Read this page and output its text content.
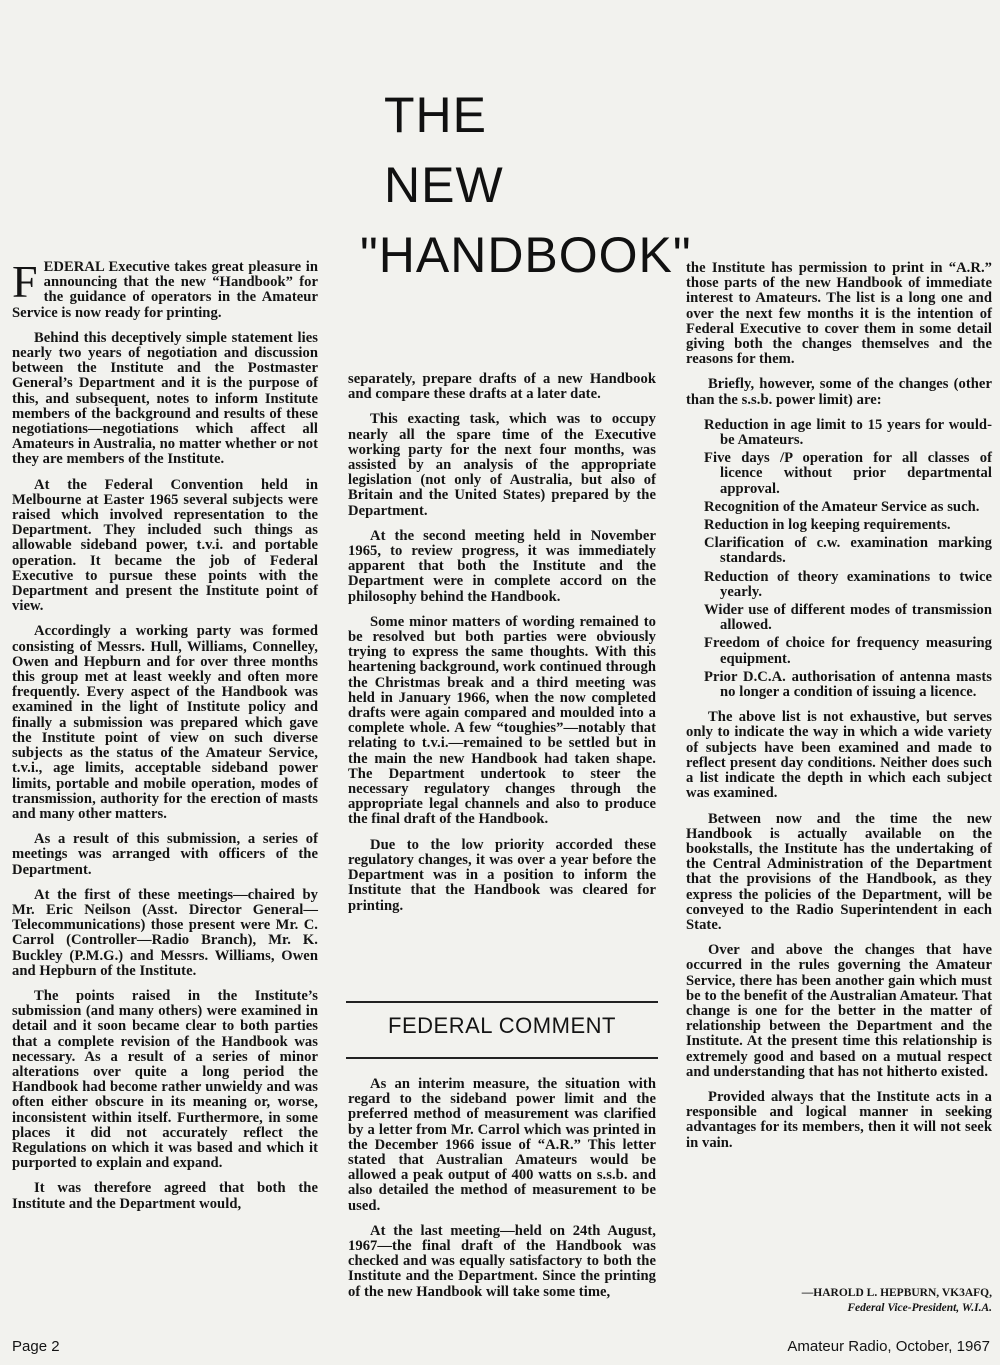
THE
NEW
"HANDBOOK"

FEDERAL Executive takes great pleasure in announcing that the new “Handbook” for the guidance of operators in the Amateur Service is now ready for printing.

Behind this deceptively simple statement lies nearly two years of negotiation and discussion between the Institute and the Postmaster General’s Department and it is the purpose of this, and subsequent, notes to inform Institute members of the background and results of these negotiations—negotiations which affect all Amateurs in Australia, no matter whether or not they are members of the Institute.

At the Federal Convention held in Melbourne at Easter 1965 several subjects were raised which involved representation to the Department. They included such things as allowable sideband power, t.v.i. and portable operation. It became the job of Federal Executive to pursue these points with the Department and present the Institute point of view.

Accordingly a working party was formed consisting of Messrs. Hull, Williams, Connelley, Owen and Hepburn and for over three months this group met at least weekly and often more frequently. Every aspect of the Handbook was examined in the light of Institute policy and finally a submission was prepared which gave the Institute point of view on such diverse subjects as the status of the Amateur Service, t.v.i., age limits, acceptable sideband power limits, portable and mobile operation, modes of transmission, authority for the erection of masts and many other matters.

As a result of this submission, a series of meetings was arranged with officers of the Department.

At the first of these meetings—chaired by Mr. Eric Neilson (Asst. Director General—Telecommunications) those present were Mr. C. Carrol (Controller—Radio Branch), Mr. K. Buckley (P.M.G.) and Messrs. Williams, Owen and Hepburn of the Institute.

The points raised in the Institute’s submission (and many others) were examined in detail and it soon became clear to both parties that a complete revision of the Handbook was necessary. As a result of a series of minor alterations over quite a long period the Handbook had become rather unwieldy and was often either obscure in its meaning or, worse, inconsistent within itself. Furthermore, in some places it did not accurately reflect the Regulations on which it was based and which it purported to explain and expand.

It was therefore agreed that both the Institute and the Department would,

separately, prepare drafts of a new Handbook and compare these drafts at a later date.

This exacting task, which was to occupy nearly all the spare time of the Executive working party for the next four months, was assisted by an analysis of the appropriate legislation (not only of Australia, but also of Britain and the United States) prepared by the Department.

At the second meeting held in November 1965, to review progress, it was immediately apparent that both the Institute and the Department were in complete accord on the philosophy behind the Handbook.

Some minor matters of wording remained to be resolved but both parties were obviously trying to express the same thoughts. With this heartening background, work continued through the Christmas break and a third meeting was held in January 1966, when the now completed drafts were again compared and moulded into a complete whole. A few “toughies”—notably that relating to t.v.i.—remained to be settled but in the main the new Handbook had taken shape. The Department undertook to steer the necessary regulatory changes through the appropriate legal channels and also to produce the final draft of the Handbook.

Due to the low priority accorded these regulatory changes, it was over a year before the Department was in a position to inform the Institute that the Handbook was cleared for printing.

FEDERAL COMMENT

As an interim measure, the situation with regard to the sideband power limit and the preferred method of measurement was clarified by a letter from Mr. Carrol which was printed in the December 1966 issue of “A.R.” This letter stated that Australian Amateurs would be allowed a peak output of 400 watts on s.s.b. and also detailed the method of measurement to be used.

At the last meeting—held on 24th August, 1967—the final draft of the Handbook was checked and was equally satisfactory to both the Institute and the Department. Since the printing of the new Handbook will take some time,

the Institute has permission to print in “A.R.” those parts of the new Handbook of immediate interest to Amateurs. The list is a long one and over the next few months it is the intention of Federal Executive to cover them in some detail giving both the changes themselves and the reasons for them.

Briefly, however, some of the changes (other than the s.s.b. power limit) are:

Reduction in age limit to 15 years for would-be Amateurs.
Five days /P operation for all classes of licence without prior departmental approval.
Recognition of the Amateur Service as such.
Reduction in log keeping requirements.
Clarification of c.w. examination marking standards.
Reduction of theory examinations to twice yearly.
Wider use of different modes of transmission allowed.
Freedom of choice for frequency measuring equipment.
Prior D.C.A. authorisation of antenna masts no longer a condition of issuing a licence.

The above list is not exhaustive, but serves only to indicate the way in which a wide variety of subjects have been examined and made to reflect present day conditions. Neither does such a list indicate the depth in which each subject was examined.

Between now and the time the new Handbook is actually available on the bookstalls, the Institute has the undertaking of the Central Administration of the Department that the provisions of the Handbook, as they express the policies of the Department, will be conveyed to the Radio Superintendent in each State.

Over and above the changes that have occurred in the rules governing the Amateur Service, there has been another gain which must be to the benefit of the Australian Amateur. That change is one for the better in the matter of relationship between the Department and the Institute. At the present time this relationship is extremely good and based on a mutual respect and understanding that has not hitherto existed.

Provided always that the Institute acts in a responsible and logical manner in seeking advantages for its members, then it will not seek in vain.

—HAROLD L. HEPBURN, VK3AFQ,
Federal Vice-President, W.I.A.
Page 2	Amateur Radio, October, 1967
